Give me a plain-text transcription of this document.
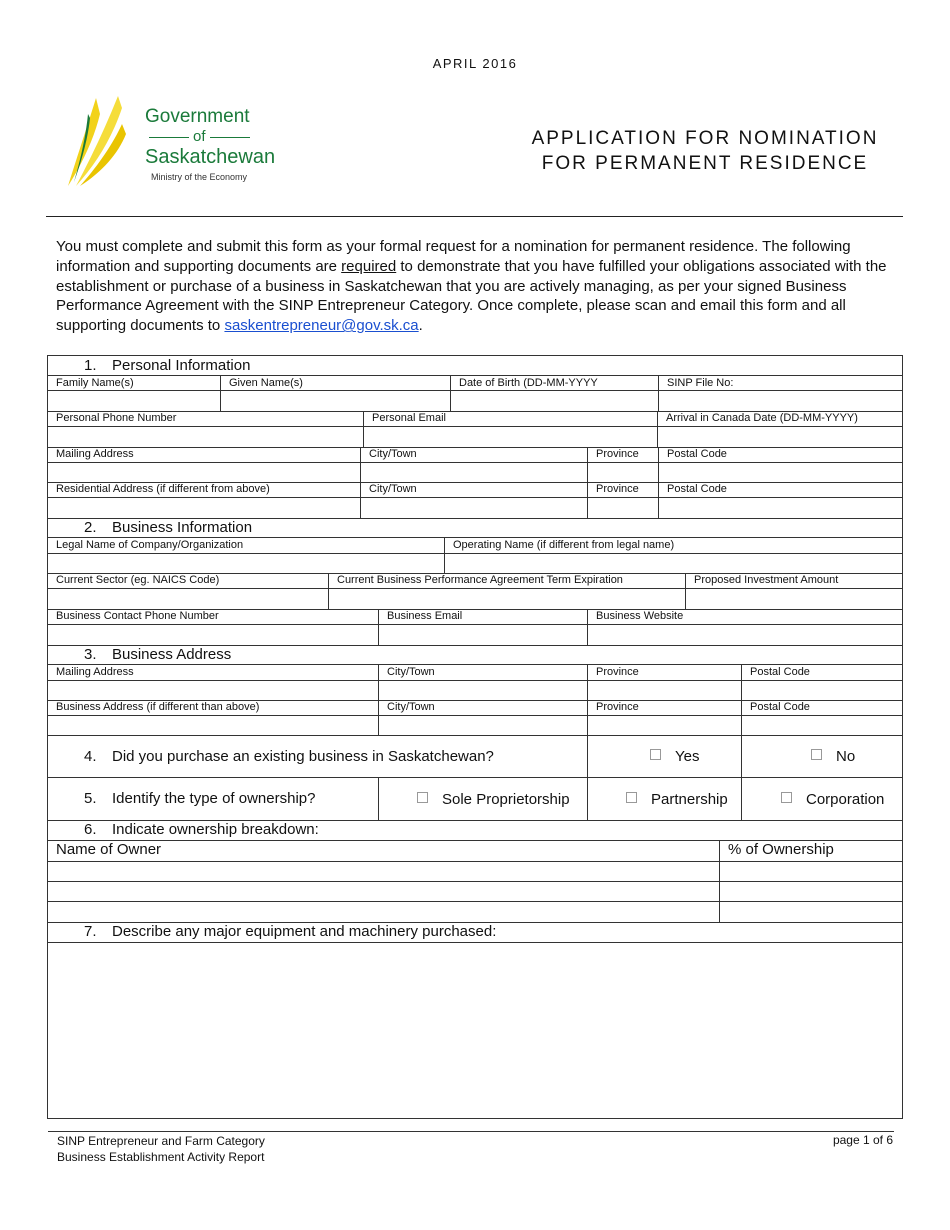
APRIL 2016
Government
of
Saskatchewan
Ministry of the Economy
APPLICATION FOR NOMINATION
FOR PERMANENT RESIDENCE
You must complete and submit this form as your formal request for a nomination for permanent residence. The following information and supporting documents are required to demonstrate that you have fulfilled your obligations associated with the establishment or purchase of a business in Saskatchewan that you are actively managing, as per your signed Business Performance Agreement with the SINP Entrepreneur Category. Once complete, please scan and email this form and all supporting documents to saskentrepreneur@gov.sk.ca.
1. Personal Information
Family Name(s)	Given Name(s)	Date of Birth (DD-MM-YYYY	SINP File No:
Personal Phone Number	Personal Email	Arrival in Canada Date (DD-MM-YYYY)
Mailing Address	City/Town	Province	Postal Code
Residential Address (if different from above)	City/Town	Province	Postal Code
2. Business Information
Legal Name of Company/Organization	Operating Name (if different from legal name)
Current Sector (eg. NAICS Code)	Current Business Performance Agreement Term Expiration	Proposed Investment Amount
Business Contact Phone Number	Business Email	Business Website
3. Business Address
Mailing Address	City/Town	Province	Postal Code
Business Address (if different than above)	City/Town	Province	Postal Code
4. Did you purchase an existing business in Saskatchewan?	Yes	No
5. Identify the type of ownership?	Sole Proprietorship	Partnership	Corporation
6. Indicate ownership breakdown:
Name of Owner	% of Ownership
7. Describe any major equipment and machinery purchased:
SINP Entrepreneur and Farm Category
Business Establishment Activity Report
page 1 of 6
